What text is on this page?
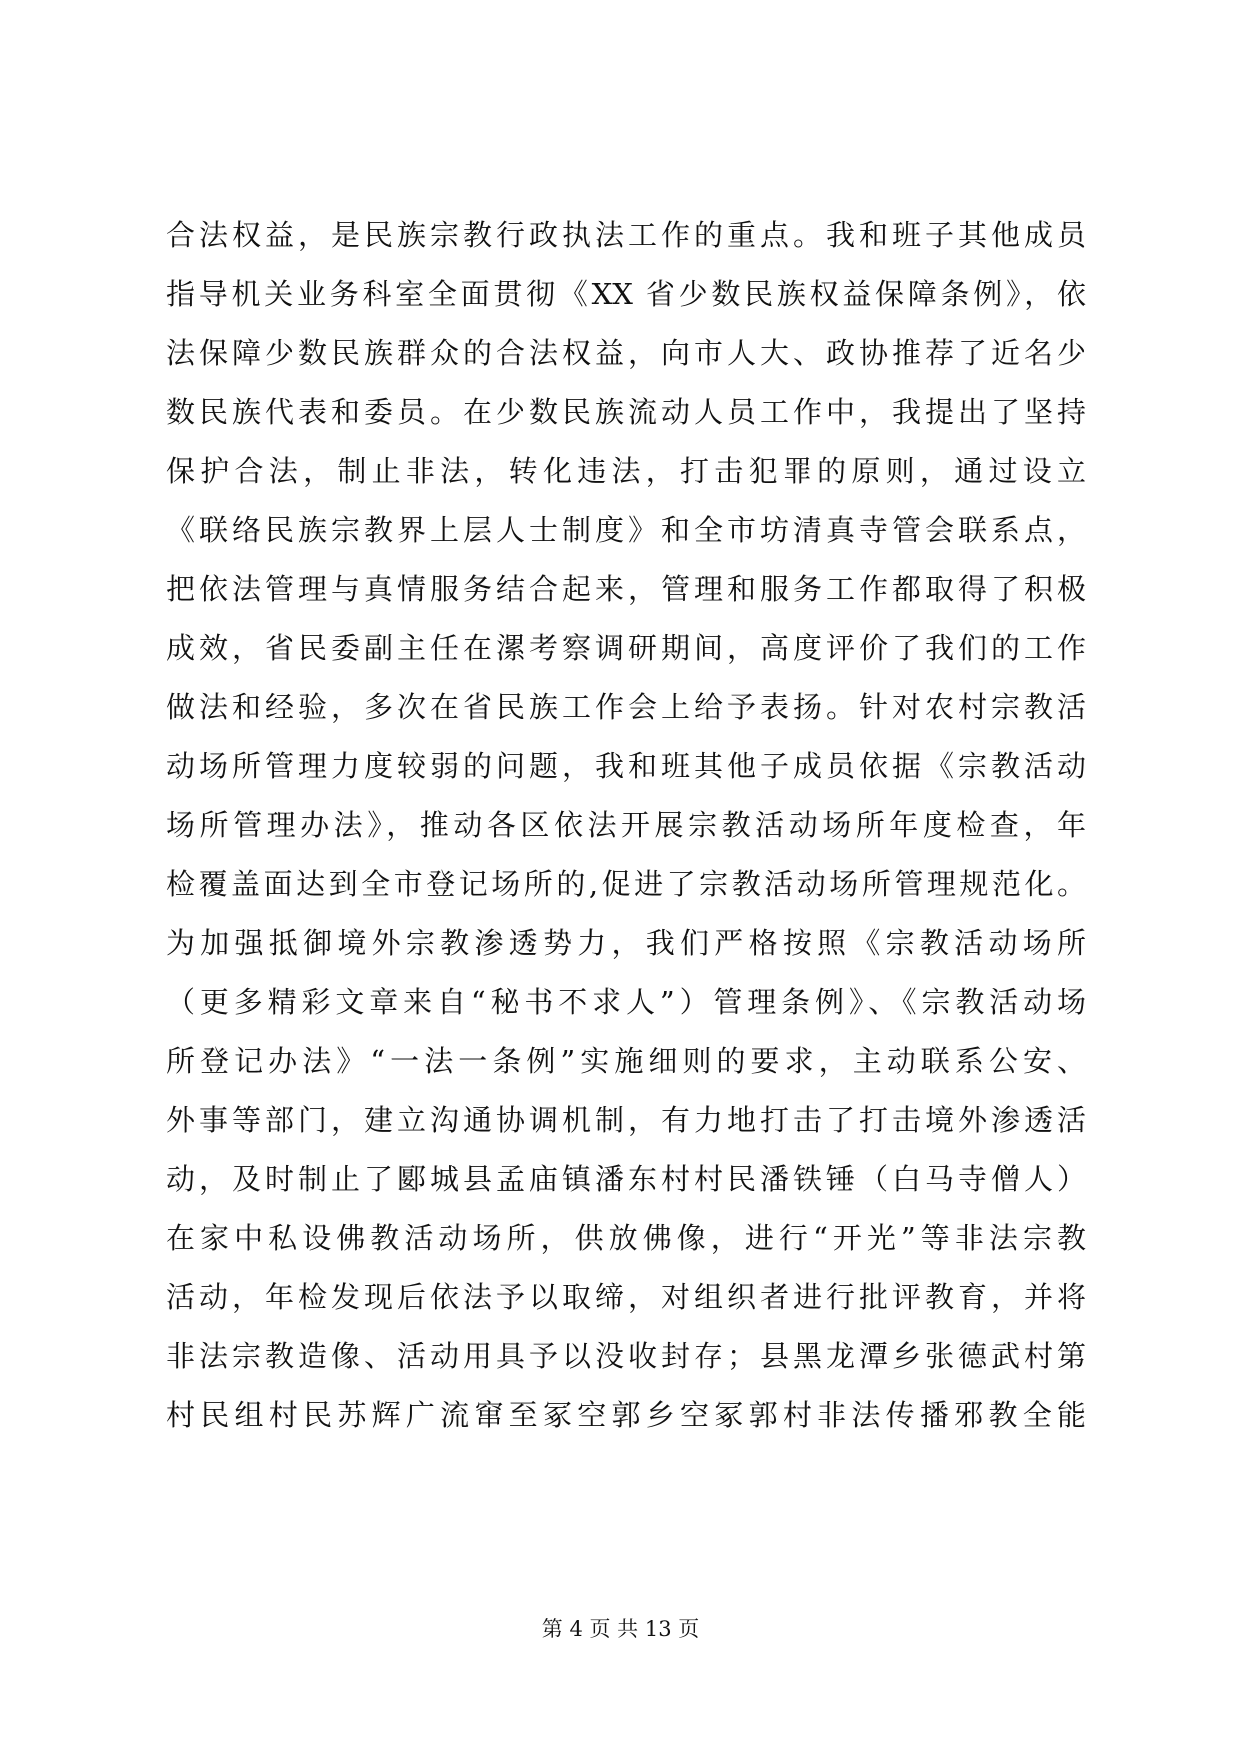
合法权益，是民族宗教行政执法工作的重点。我和班子其他成员
指导机关业务科室全面贯彻《XX 省少数民族权益保障条例》，依
法保障少数民族群众的合法权益，向市人大、政协推荐了近名少
数民族代表和委员。在少数民族流动人员工作中，我提出了坚持
保护合法，制止非法，转化违法，打击犯罪的原则，通过设立
《联络民族宗教界上层人士制度》和全市坊清真寺管会联系点，
把依法管理与真情服务结合起来，管理和服务工作都取得了积极
成效，省民委副主任在漯考察调研期间，高度评价了我们的工作
做法和经验，多次在省民族工作会上给予表扬。针对农村宗教活
动场所管理力度较弱的问题，我和班其他子成员依据《宗教活动
场所管理办法》，推动各区依法开展宗教活动场所年度检查，年
检覆盖面达到全市登记场所的,促进了宗教活动场所管理规范化。
为加强抵御境外宗教渗透势力，我们严格按照《宗教活动场所
（更多精彩文章来自“秘书不求人”）管理条例》、《宗教活动场
所登记办法》“一法一条例”实施细则的要求，主动联系公安、
外事等部门，建立沟通协调机制，有力地打击了打击境外渗透活
动，及时制止了郾城县孟庙镇潘东村村民潘铁锤（白马寺僧人）
在家中私设佛教活动场所，供放佛像，进行“开光”等非法宗教
活动，年检发现后依法予以取缔，对组织者进行批评教育，并将
非法宗教造像、活动用具予以没收封存；县黑龙潭乡张德武村第
村民组村民苏辉广流窜至冢空郭乡空冢郭村非法传播邪教全能
第 4 页 共 13 页
